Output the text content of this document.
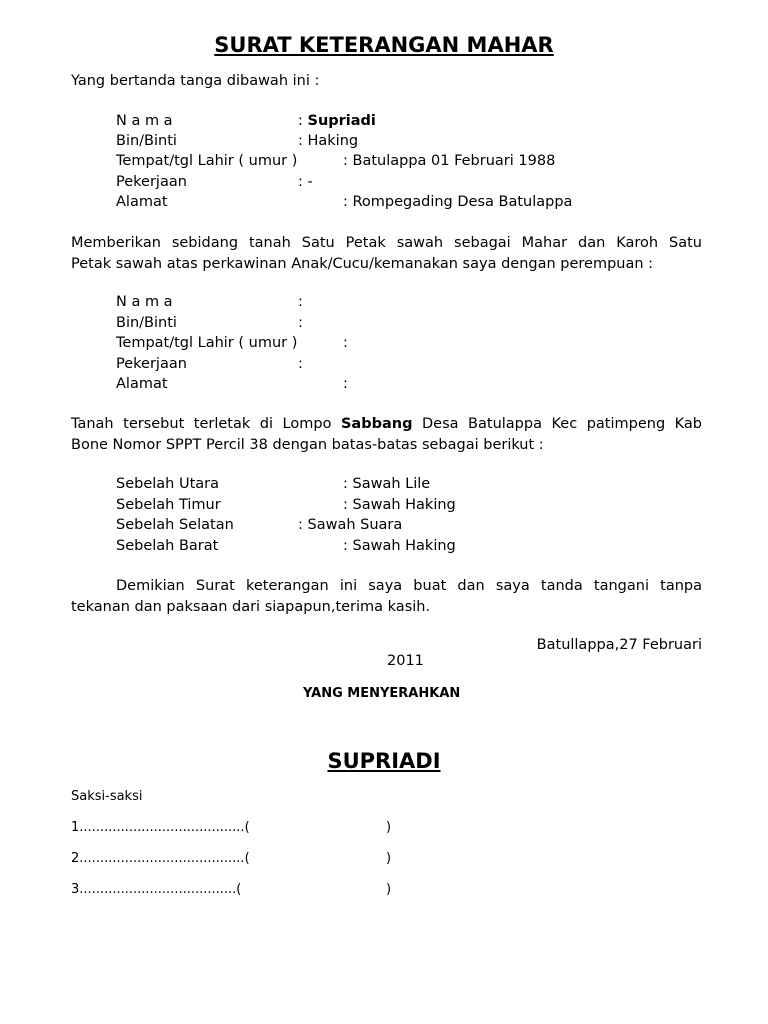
SURAT KETERANGAN MAHAR
Yang bertanda tanga dibawah ini :
N a m a	: Supriadi
Bin/Binti	: Haking
Tempat/tgl Lahir ( umur )	: Batulappa 01 Februari 1988
Pekerjaan	: -
Alamat	: Rompegading Desa Batulappa
Memberikan sebidang tanah Satu Petak sawah sebagai Mahar dan Karoh Satu
Petak sawah atas perkawinan Anak/Cucu/kemanakan saya dengan perempuan :
N a m a	:
Bin/Binti	:
Tempat/tgl Lahir ( umur )	:
Pekerjaan	:
Alamat	:
Tanah tersebut terletak di Lompo Sabbang Desa Batulappa Kec patimpeng Kab
Bone Nomor SPPT Percil 38 dengan batas-batas sebagai berikut :
Sebelah Utara	: Sawah Lile
Sebelah Timur	: Sawah Haking
Sebelah Selatan	: Sawah Suara
Sebelah Barat	: Sawah Haking
Demikian Surat keterangan ini saya buat dan saya tanda tangani tanpa
tekanan dan paksaan dari siapapun,terima kasih.
Batullappa,27 Februari
2011
YANG MENYERAHKAN
SUPRIADI
Saksi-saksi
1........................................(	)
2........................................(	)
3......................................(	)
